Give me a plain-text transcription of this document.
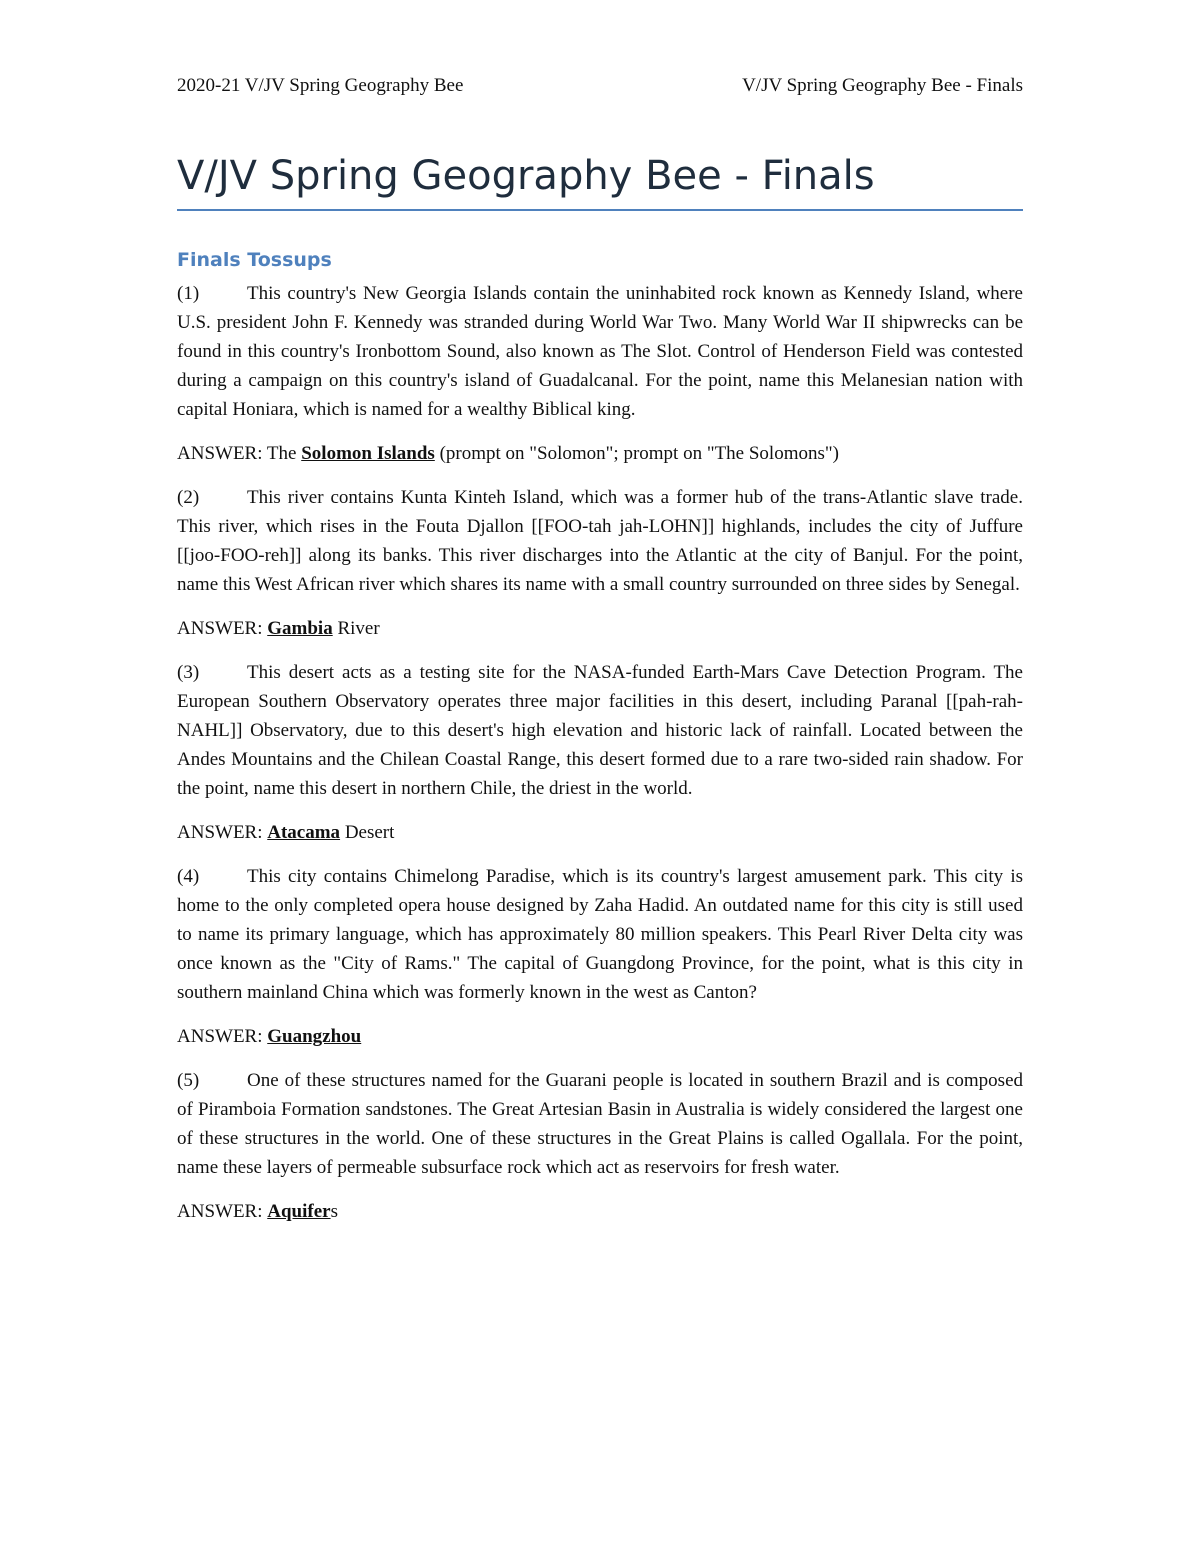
2020-21 V/JV Spring Geography Bee	V/JV Spring Geography Bee - Finals
V/JV Spring Geography Bee - Finals
Finals Tossups

(1)	This country's New Georgia Islands contain the uninhabited rock known as Kennedy Island, where U.S. president John F. Kennedy was stranded during World War Two. Many World War II shipwrecks can be found in this country's Ironbottom Sound, also known as The Slot. Control of Henderson Field was contested during a campaign on this country's island of Guadalcanal. For the point, name this Melanesian nation with capital Honiara, which is named for a wealthy Biblical king.

ANSWER: The Solomon Islands (prompt on "Solomon"; prompt on "The Solomons")

(2)	This river contains Kunta Kinteh Island, which was a former hub of the trans-Atlantic slave trade. This river, which rises in the Fouta Djallon [[FOO-tah jah-LOHN]] highlands, includes the city of Juffure [[joo-FOO-reh]] along its banks. This river discharges into the Atlantic at the city of Banjul. For the point, name this West African river which shares its name with a small country surrounded on three sides by Senegal.

ANSWER: Gambia River

(3)	This desert acts as a testing site for the NASA-funded Earth-Mars Cave Detection Program. The European Southern Observatory operates three major facilities in this desert, including Paranal [[pah-rah-NAHL]] Observatory, due to this desert's high elevation and historic lack of rainfall. Located between the Andes Mountains and the Chilean Coastal Range, this desert formed due to a rare two-sided rain shadow. For the point, name this desert in northern Chile, the driest in the world.

ANSWER: Atacama Desert

(4)	This city contains Chimelong Paradise, which is its country's largest amusement park. This city is home to the only completed opera house designed by Zaha Hadid. An outdated name for this city is still used to name its primary language, which has approximately 80 million speakers. This Pearl River Delta city was once known as the "City of Rams." The capital of Guangdong Province, for the point, what is this city in southern mainland China which was formerly known in the west as Canton?

ANSWER: Guangzhou

(5)	One of these structures named for the Guarani people is located in southern Brazil and is composed of Piramboia Formation sandstones. The Great Artesian Basin in Australia is widely considered the largest one of these structures in the world. One of these structures in the Great Plains is called Ogallala. For the point, name these layers of permeable subsurface rock which act as reservoirs for fresh water.

ANSWER: Aquifers
